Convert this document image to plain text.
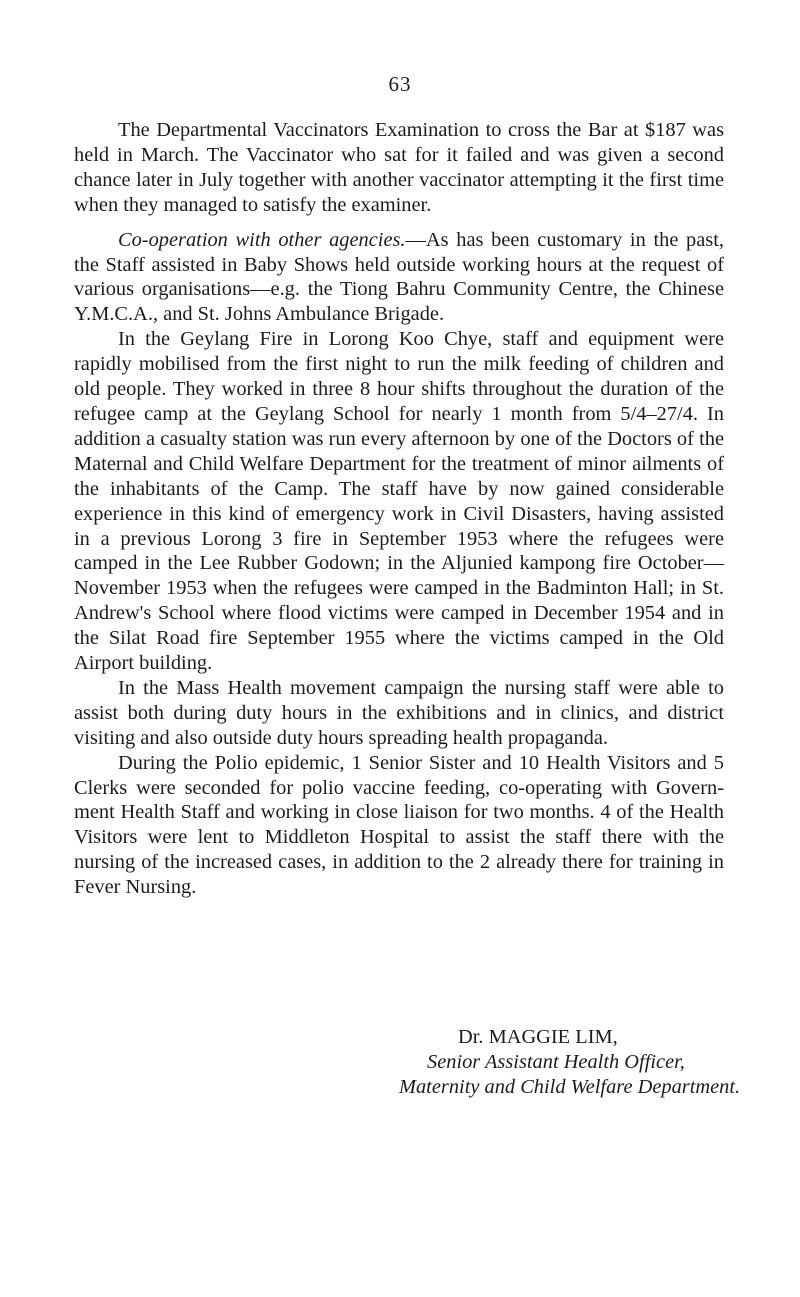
63

The Departmental Vaccinators Examination to cross the Bar at $187 was held in March. The Vaccinator who sat for it failed and was given a second chance later in July together with another vaccinator attempting it the first time when they managed to satisfy the examiner.

Co-operation with other agencies.—As has been customary in the past, the Staff assisted in Baby Shows held outside working hours at the request of various organisations—e.g. the Tiong Bahru Community Centre, the Chinese Y.M.C.A., and St. Johns Ambulance Brigade.

In the Geylang Fire in Lorong Koo Chye, staff and equipment were rapidly mobilised from the first night to run the milk feeding of children and old people. They worked in three 8 hour shifts throughout the duration of the refugee camp at the Geylang School for nearly 1 month from 5/4–27/4. In addition a casualty station was run every afternoon by one of the Doctors of the Maternal and Child Welfare Department for the treatment of minor ailments of the inhabitants of the Camp. The staff have by now gained considerable experience in this kind of emergency work in Civil Disasters, having assisted in a previous Lorong 3 fire in September 1953 where the refugees were camped in the Lee Rubber Godown; in the Aljunied kampong fire October—November 1953 when the refugees were camped in the Badminton Hall; in St. Andrew's School where flood victims were camped in December 1954 and in the Silat Road fire September 1955 where the victims camped in the Old Airport building.

In the Mass Health movement campaign the nursing staff were able to assist both during duty hours in the exhibitions and in clinics, and district visiting and also outside duty hours spreading health propaganda.

During the Polio epidemic, 1 Senior Sister and 10 Health Visitors and 5 Clerks were seconded for polio vaccine feeding, co-operating with Govern-ment Health Staff and working in close liaison for two months. 4 of the Health Visitors were lent to Middleton Hospital to assist the staff there with the nursing of the increased cases, in addition to the 2 already there for training in Fever Nursing.

Dr. MAGGIE LIM,
Senior Assistant Health Officer,
Maternity and Child Welfare Department.
